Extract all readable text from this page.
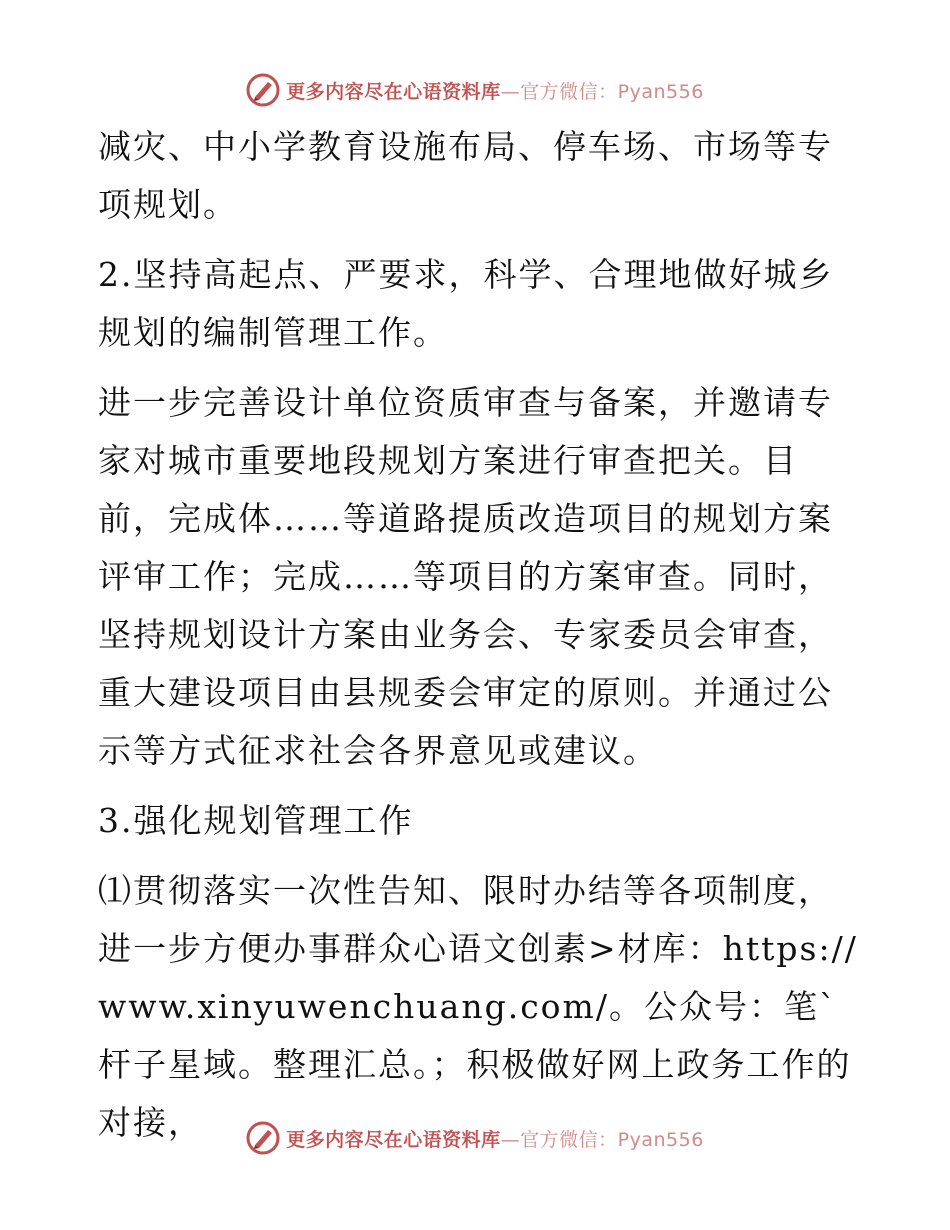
更多内容尽在心语资料库—官方微信：Pyan556

减灾、中小学教育设施布局、停车场、市场等专项规划。

2.坚持高起点、严要求，科学、合理地做好城乡规划的编制管理工作。

进一步完善设计单位资质审查与备案，并邀请专家对城市重要地段规划方案进行审查把关。目前，完成体……等道路提质改造项目的规划方案评审工作；完成……等项目的方案审查。同时，坚持规划设计方案由业务会、专家委员会审查，重大建设项目由县规委会审定的原则。并通过公示等方式征求社会各界意见或建议。

3.强化规划管理工作

⑴贯彻落实一次性告知、限时办结等各项制度，进一步方便办事群众心语文创素>材库：https://www.xinyuwenchuang.com/。公众号：笔`杆子星域。整理汇总。；积极做好网上政务工作的对接，	更多内容尽在心语资料库—官方微信：Pyan556
